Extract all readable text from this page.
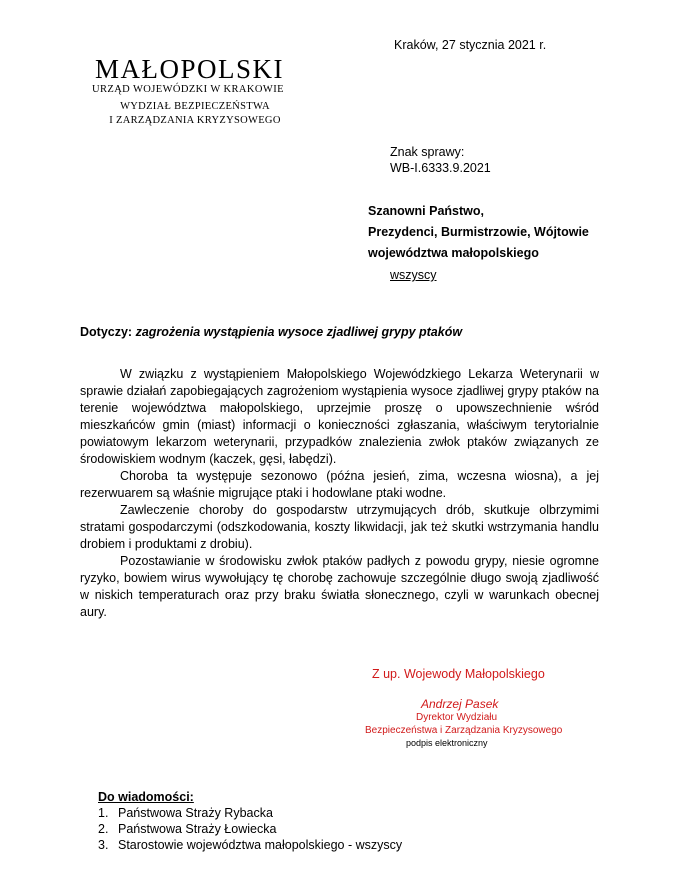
MAŁOPOLSKI
URZĄD WOJEWÓDZKI W KRAKOWIE
WYDZIAŁ BEZPIECZEŃSTWA
I ZARZĄDZANIA KRYZYSOWEGO
Kraków, 27 stycznia 2021 r.
Znak sprawy:
WB-I.6333.9.2021
Szanowni Państwo,
Prezydenci, Burmistrzowie, Wójtowie
województwa małopolskiego
wszyscy
Dotyczy: zagrożenia wystąpienia wysoce zjadliwej grypy ptaków

W związku z wystąpieniem Małopolskiego Wojewódzkiego Lekarza Weterynarii w sprawie działań zapobiegających zagrożeniom wystąpienia wysoce zjadliwej grypy ptaków na terenie województwa małopolskiego, uprzejmie proszę o upowszechnienie wśród mieszkańców gmin (miast) informacji o konieczności zgłaszania, właściwym terytorialnie powiatowym lekarzom weterynarii, przypadków znalezienia zwłok ptaków związanych ze środowiskiem wodnym (kaczek, gęsi, łabędzi).

Choroba ta występuje sezonowo (późna jesień, zima, wczesna wiosna), a jej rezerwuarem są właśnie migrujące ptaki i hodowlane ptaki wodne.

Zawleczenie choroby do gospodarstw utrzymujących drób, skutkuje olbrzymimi stratami gospodarczymi (odszkodowania, koszty likwidacji, jak też skutki wstrzymania handlu drobiem i produktami z drobiu).

Pozostawianie w środowisku zwłok ptaków padłych z powodu grypy, niesie ogromne ryzyko, bowiem wirus wywołujący tę chorobę zachowuje szczególnie długo swoją zjadliwość w niskich temperaturach oraz przy braku światła słonecznego, czyli w warunkach obecnej aury.

Z up. Wojewody Małopolskiego
Andrzej Pasek
Dyrektor Wydziału
Bezpieczeństwa i Zarządzania Kryzysowego
podpis elektroniczny
Do wiadomości:
1. Państwowa Straży Rybacka
2. Państwowa Straży Łowiecka
3. Starostowie województwa małopolskiego - wszyscy
